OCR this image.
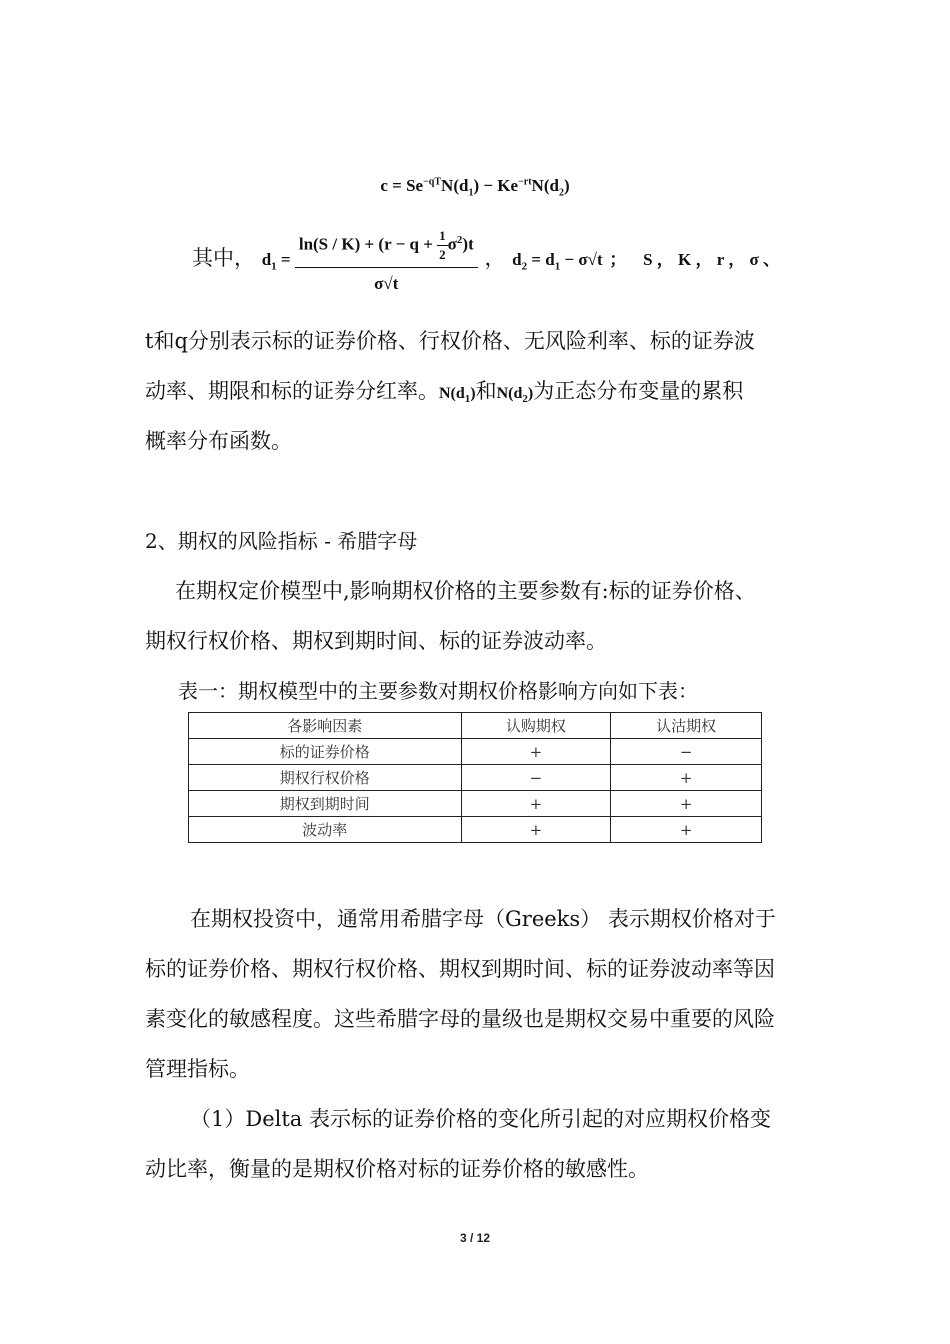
$c = Se^{-qT}N(d_1) - Ke^{-rt}N(d_2)$
其中， $d_1 = \frac{\ln(S / K) + (r - q + \frac{1}{2} \sigma^2)t}{\sigma√t}$ ， $d_2 = d_1 - \sigma√t$ ； S ， K ， r ， σ 、
t和q分别表示标的证券价格、行权价格、无风险利率、标的证券波
动率、期限和标的证券分红率。$N(d_1)$和$N(d_2)$为正态分布变量的累积
概率分布函数。
2、期权的风险指标 - 希腊字母
在期权定价模型中,影响期权价格的主要参数有:标的证券价格、
期权行权价格、期权到期时间、标的证券波动率。
表一：期权模型中的主要参数对期权价格影响方向如下表：
各影响因素	认购期权	认沽期权
标的证券价格	+	−
期权行权价格	−	+
期权到期时间	+	+
波动率	+	+
在期权投资中，通常用希腊字母（Greeks） 表示期权价格对于
标的证券价格、期权行权价格、期权到期时间、标的证券波动率等因
素变化的敏感程度。这些希腊字母的量级也是期权交易中重要的风险
管理指标。
（1）Delta 表示标的证券价格的变化所引起的对应期权价格变
动比率，衡量的是期权价格对标的证券价格的敏感性。
3 / 12
